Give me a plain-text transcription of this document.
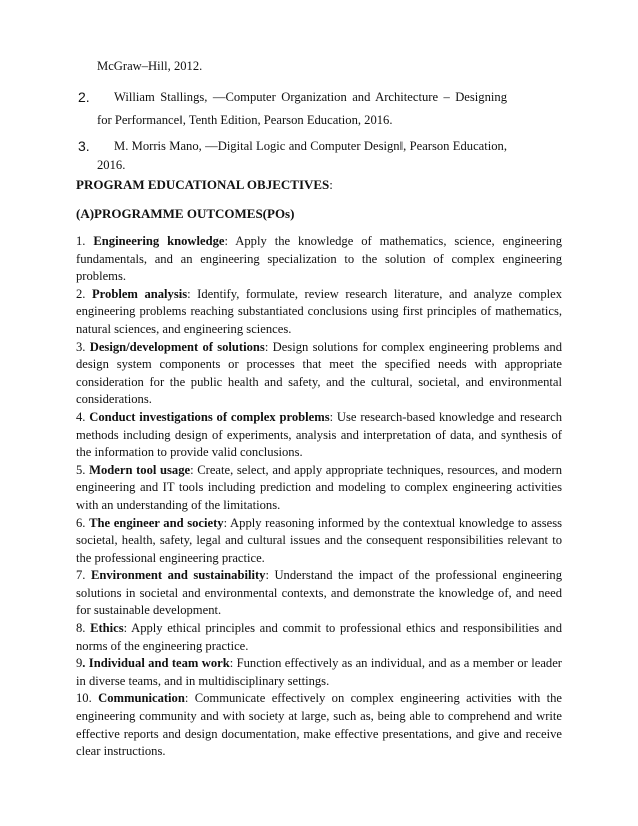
McGraw–Hill, 2012.
2.	William Stallings, ―Computer Organization and Architecture – Designing
for Performance‖, Tenth Edition, Pearson Education, 2016.
3.	M. Morris Mano, ―Digital Logic and Computer Design‖, Pearson Education,
2016.
PROGRAM EDUCATIONAL OBJECTIVES:
(A)PROGRAMME OUTCOMES(POs)

1. Engineering knowledge: Apply the knowledge of mathematics, science, engineering fundamentals, and an engineering specialization to the solution of complex engineering problems.

2. Problem analysis: Identify, formulate, review research literature, and analyze complex engineering problems reaching substantiated conclusions using first principles of mathematics, natural sciences, and engineering sciences.

3. Design/development of solutions: Design solutions for complex engineering problems and design system components or processes that meet the specified needs with appropriate consideration for the public health and safety, and the cultural, societal, and environmental considerations.

4. Conduct investigations of complex problems: Use research-based knowledge and research methods including design of experiments, analysis and interpretation of data, and synthesis of the information to provide valid conclusions.

5. Modern tool usage: Create, select, and apply appropriate techniques, resources, and modern engineering and IT tools including prediction and modeling to complex engineering activities with an understanding of the limitations.

6. The engineer and society: Apply reasoning informed by the contextual knowledge to assess societal, health, safety, legal and cultural issues and the consequent responsibilities relevant to the professional engineering practice.

7. Environment and sustainability: Understand the impact of the professional engineering solutions in societal and environmental contexts, and demonstrate the knowledge of, and need for sustainable development.

8. Ethics: Apply ethical principles and commit to professional ethics and responsibilities and norms of the engineering practice.

9. Individual and team work: Function effectively as an individual, and as a member or leader in diverse teams, and in multidisciplinary settings.

10. Communication: Communicate effectively on complex engineering activities with the engineering community and with society at large, such as, being able to comprehend and write effective reports and design documentation, make effective presentations, and give and receive clear instructions.
